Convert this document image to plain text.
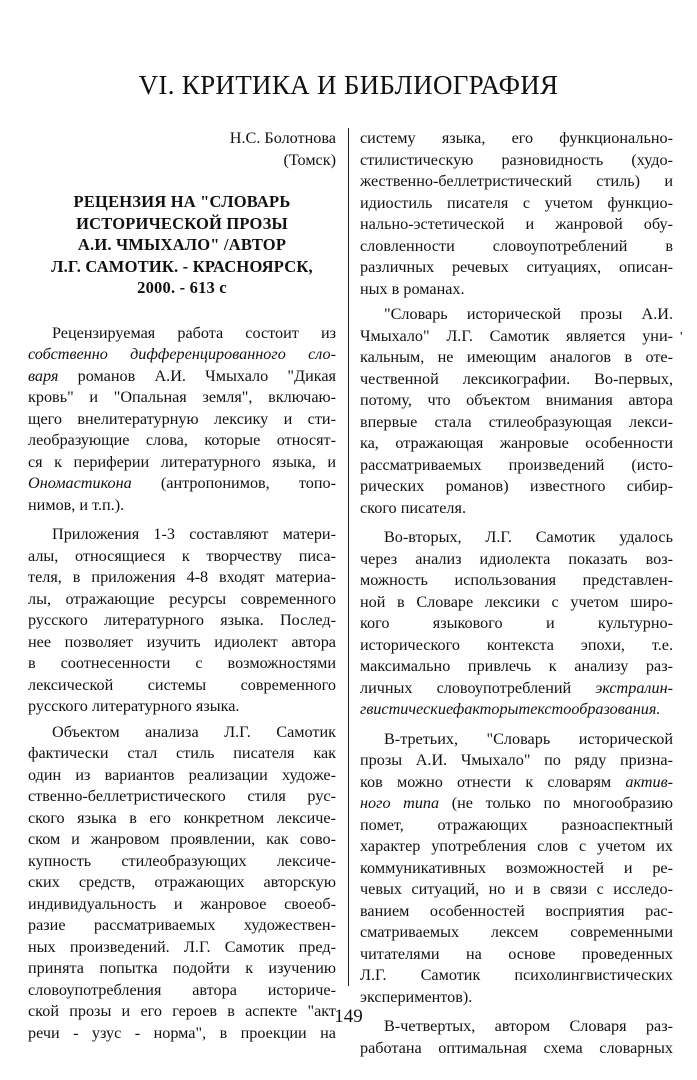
VI. КРИТИКА И БИБЛИОГРАФИЯ

Н.С. Болотнова

(Томск)

РЕЦЕНЗИЯ НА "СЛОВАРЬ
ИСТОРИЧЕСКОЙ ПРОЗЫ
А.И. ЧМЫХАЛО" /АВТОР
Л.Г. САМОТИК. - КРАСНОЯРСК,
2000. - 613 с
Рецензируемая работа состоит из
собственно дифференцированного сло-
варя романов А.И. Чмыхало "Дикая
кровь" и "Опальная земля", включаю-
щего внелитературную лексику и сти-
леобразующие слова, которые относят-
ся к периферии литературного языка, и
Ономастикона (антропонимов, топо-
нимов, и т.п.).
Приложения 1-3 составляют матери-
алы, относящиеся к творчеству писа-
теля, в приложения 4-8 входят материа-
лы, отражающие ресурсы современного
русского литературного языка. Послед-
нее позволяет изучить идиолект автора
в соотнесенности с возможностями
лексической системы современного
русского литературного языка.
Объектом анализа Л.Г. Самотик
фактически стал стиль писателя как
один из вариантов реализации художе-
ственно-беллетристического стиля рус-
ского языка в его конкретном лексиче-
ском и жанровом проявлении, как сово-
купность стилеобразующих лексиче-
ских средств, отражающих авторскую
индивидуальность и жанровое своеоб-
разие рассматриваемых художествен-
ных произведений. Л.Г. Самотик пред-
принята попытка подойти к изучению
словоупотребления автора историче-
ской прозы и его героев в аспекте "акт
речи - узус - норма", в проекции на
систему языка, его функционально-
стилистическую разновидность (худо-
жественно-беллетристический стиль) и
идиостиль писателя с учетом функцио-
нально-эстетической и жанровой обу-
словленности словоупотреблений в
различных речевых ситуациях, описан-
ных в романах.
"Словарь исторической прозы А.И.
Чмыхало" Л.Г. Самотик является уни-
кальным, не имеющим аналогов в оте-
чественной лексикографии. Во-первых,
потому, что объектом внимания автора
впервые стала стилеобразующая лекси-
ка, отражающая жанровые особенности
рассматриваемых произведений (исто-
рических романов) известного сибир-
ского писателя.
Во-вторых, Л.Г. Самотик удалось
через анализ идиолекта показать воз-
можность использования представлен-
ной в Словаре лексики с учетом широ-
кого языкового и культурно-
исторического контекста эпохи, т.е.
максимально привлечь к анализу раз-
личных словоупотреблений экстралин-
гвистическиефакторытекстообразования.
В-третьих, "Словарь исторической
прозы А.И. Чмыхало" по ряду призна-
ков можно отнести к словарям актив-
ного типа (не только по многообразию
помет, отражающих разноаспектный
характер употребления слов с учетом их
коммуникативных возможностей и ре-
чевых ситуаций, но и в связи с исследо-
ванием особенностей восприятия рас-
сматриваемых лексем современными
читателями на основе проведенных
Л.Г. Самотик психолингвистических
экспериментов).
В-четвертых, автором Словаря раз-
работана оптимальная схема словарных
'
149
